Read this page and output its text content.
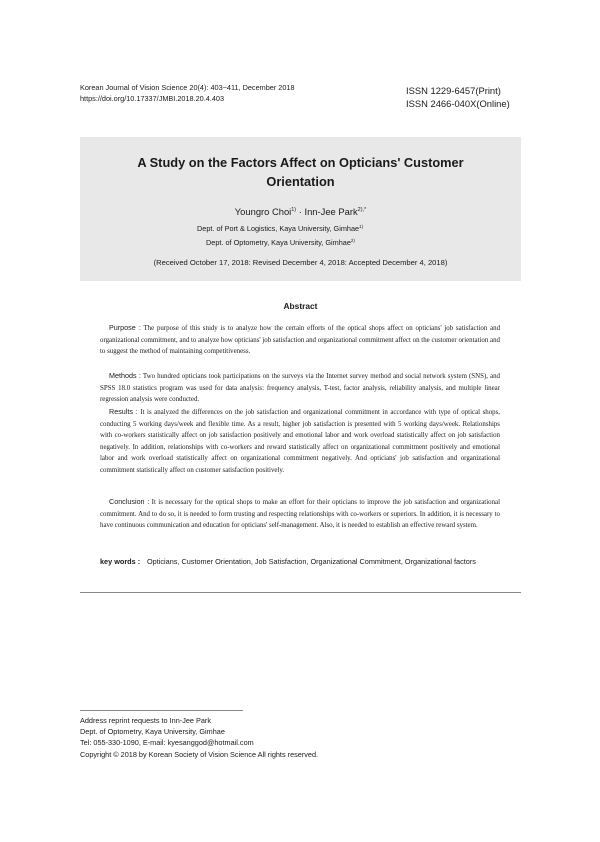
Korean Journal of Vision Science 20(4): 403~411, December 2018
https://doi.org/10.17337/JMBI.2018.20.4.403
ISSN 1229-6457(Print)
ISSN 2466-040X(Online)
A Study on the Factors Affect on Opticians' Customer
Orientation
Youngro Choi$^{1)}$ · Inn-Jee Park$^{2),*}$
Dept. of Port & Logistics, Kaya University, Gimhae$^{1)}$
Dept. of Optometry, Kaya University, Gimhae$^{2)}$
(Received October 17, 2018: Revised December 4, 2018: Accepted December 4, 2018)
Abstract
Purpose : The purpose of this study is to analyze how the certain efforts of the optical shops affect on opticians' job satisfaction and organizational commitment, and to analyze how opticians' job satisfaction and organizational commitment affect on the customer orientation and to suggest the method of maintaining competitiveness.
Methods : Two hundred opticians took participations on the surveys via the Internet survey method and social network system (SNS), and SPSS 18.0 statistics program was used for data analysis: frequency analysis, T-test, factor analysis, reliability analysis, and multiple linear regression analysis were conducted.
Results : It is analyzed the differences on the job satisfaction and organizational commitment in accordance with type of optical shops, conducting 5 working days/week and flexible time. As a result, higher job satisfaction is presented with 5 working days/week. Relationships with co-workers statistically affect on job satisfaction positively and emotional labor and work overload statistically affect on job satisfaction negatively. In addition, relationships with co-workers and reward statistically affect on organizational commitment positively and emotional labor and work overload statistically affect on organizational commitment negatively. And opticians' job satisfaction and organizational commitment statistically affect on customer satisfaction positively.
Conclusion : It is necessary for the optical shops to make an effort for their opticians to improve the job satisfaction and organizational commitment. And to do so, it is needed to form trusting and respecting relationships with co-workers or superiors. In addition, it is necessary to have continuous communication and education for opticians' self-management. Also, it is needed to establish an effective reward system.
key words : Opticians, Customer Orientation, Job Satisfaction, Organizational Commitment, Organizational factors
Address reprint requests to Inn-Jee Park
Dept. of Optometry, Kaya University, Gimhae
Tel: 055-330-1090, E-mail: kyesanggod@hotmail.com
Copyright © 2018 by Korean Society of Vision Science All rights reserved.
